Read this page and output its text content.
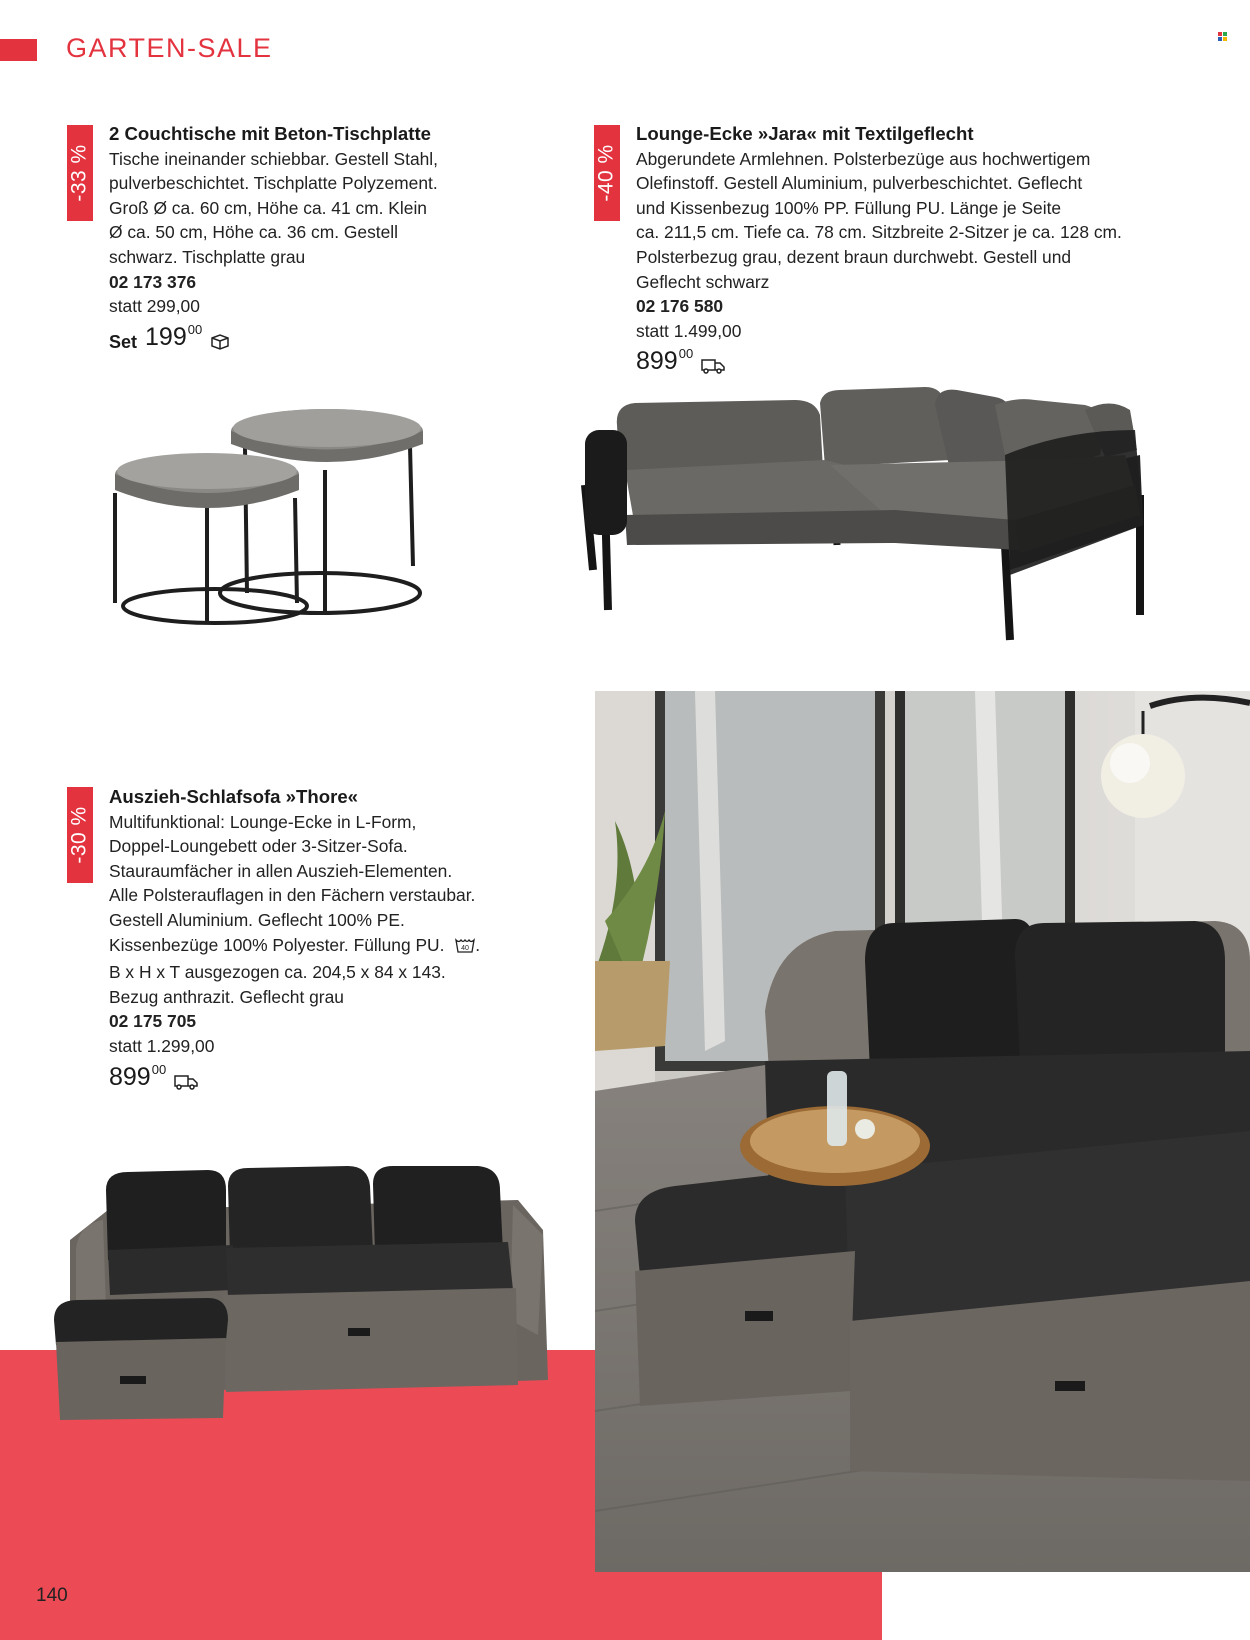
GARTEN-SALE
-33 %
2 Couchtische mit Beton-Tischplatte
Tische ineinander schiebbar. Gestell Stahl,
pulverbeschichtet. Tischplatte Polyzement.
Groß Ø ca. 60 cm, Höhe ca. 41 cm. Klein
Ø ca. 50 cm, Höhe ca. 36 cm. Gestell
schwarz. Tischplatte grau
02 173 376
statt 299,00
Set 199 00
-40 %
Lounge-Ecke »Jara« mit Textilgeflecht
Abgerundete Armlehnen. Polsterbezüge aus hochwertigem
Olefinstoff. Gestell Aluminium, pulverbeschichtet. Geflecht
und Kissenbezug 100% PP. Füllung PU. Länge je Seite
ca. 211,5 cm. Tiefe ca. 78 cm. Sitzbreite 2-Sitzer je ca. 128 cm.
Polsterbezug grau, dezent braun durchwebt. Gestell und
Geflecht schwarz
02 176 580
statt 1.499,00
899 00
-30 %
Auszieh-Schlafsofa »Thore«
Multifunktional: Lounge-Ecke in L-Form,
Doppel-Loungebett oder 3-Sitzer-Sofa.
Stauraumfächer in allen Auszieh-Elementen.
Alle Polsterauflagen in den Fächern verstaubar.
Gestell Aluminium. Geflecht 100% PE.
Kissenbezüge 100% Polyester. Füllung PU. 40 .
B x H x T ausgezogen ca. 204,5 x 84 x 143.
Bezug anthrazit. Geflecht grau
02 175 705
statt 1.299,00
899 00
140
